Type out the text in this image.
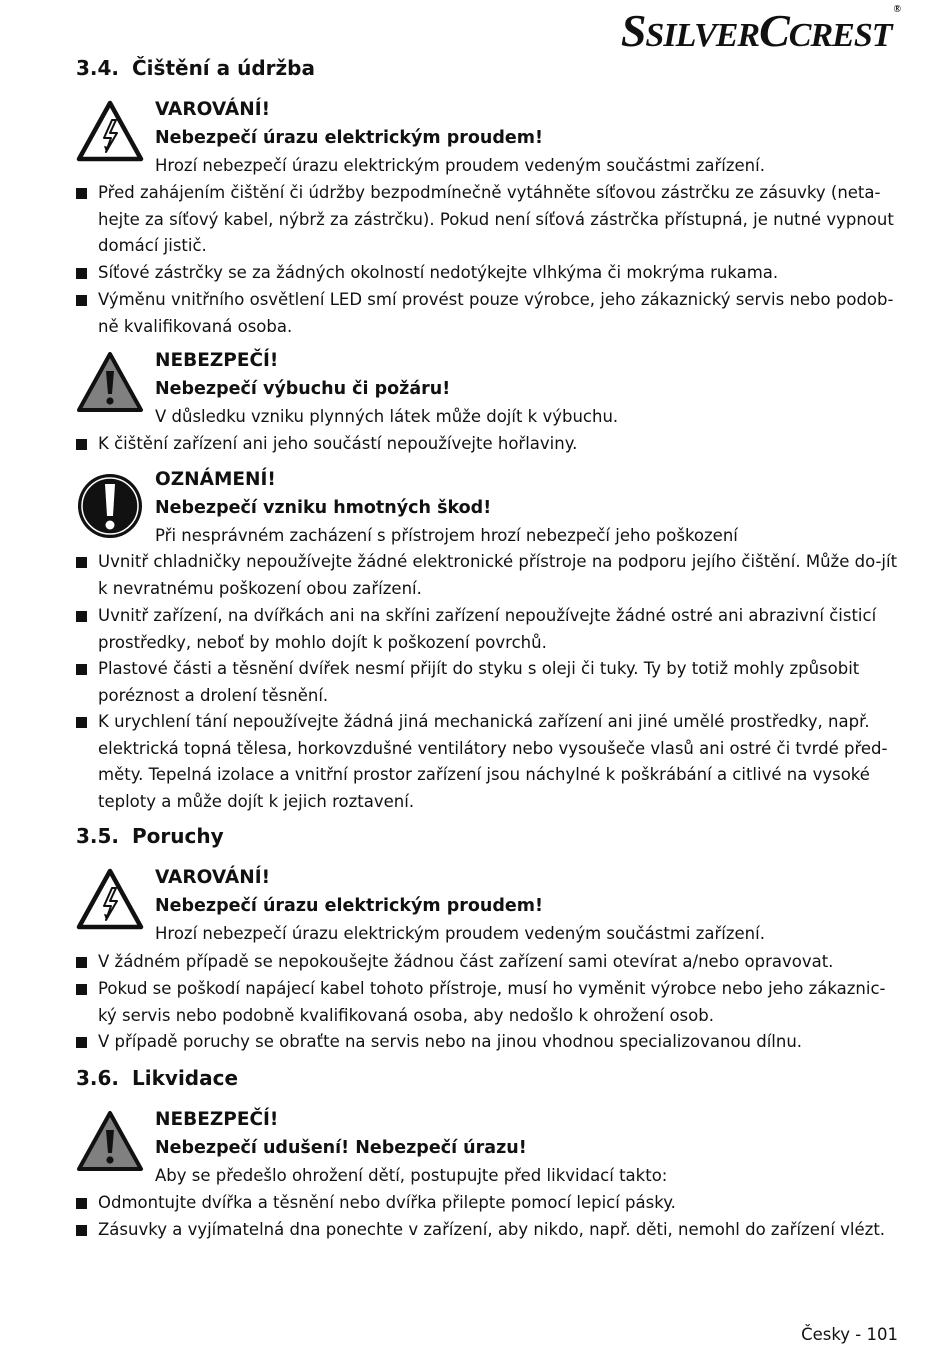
SSILVERCCREST®
3.4. Čištění a údržba
VAROVÁNÍ!
Nebezpečí úrazu elektrickým proudem!
Hrozí nebezpečí úrazu elektrickým proudem vedeným součástmi zařízení.
Před zahájením čištění či údržby bezpodmínečně vytáhněte síťovou zástrčku ze zásuvky (neta-hejte za síťový kabel, nýbrž za zástrčku). Pokud není síťová zástrčka přístupná, je nutné vypnout domácí jistič.
Síťové zástrčky se za žádných okolností nedotýkejte vlhkýma či mokrýma rukama.
Výměnu vnitřního osvětlení LED smí provést pouze výrobce, jeho zákaznický servis nebo podob-ně kvalifikovaná osoba.
NEBEZPEČÍ!
Nebezpečí výbuchu či požáru!
V důsledku vzniku plynných látek může dojít k výbuchu.
K čištění zařízení ani jeho součástí nepoužívejte hořlaviny.
OZNÁMENÍ!
Nebezpečí vzniku hmotných škod!
Při nesprávném zacházení s přístrojem hrozí nebezpečí jeho poškození
Uvnitř chladničky nepoužívejte žádné elektronické přístroje na podporu jejího čištění. Může do-jít k nevratnému poškození obou zařízení.
Uvnitř zařízení, na dvířkách ani na skříni zařízení nepoužívejte žádné ostré ani abrazivní čisticí prostředky, neboť by mohlo dojít k poškození povrchů.
Plastové části a těsnění dvířek nesmí přijít do styku s oleji či tuky. Ty by totiž mohly způsobit poréznost a drolení těsnění.
K urychlení tání nepoužívejte žádná jiná mechanická zařízení ani jiné umělé prostředky, např. elektrická topná tělesa, horkovzdušné ventilátory nebo vysoušeče vlasů ani ostré či tvrdé před-měty. Tepelná izolace a vnitřní prostor zařízení jsou náchylné k poškrábání a citlivé na vysoké teploty a může dojít k jejich roztavení.
3.5. Poruchy
VAROVÁNÍ!
Nebezpečí úrazu elektrickým proudem!
Hrozí nebezpečí úrazu elektrickým proudem vedeným součástmi zařízení.
V žádném případě se nepokoušejte žádnou část zařízení sami otevírat a/nebo opravovat.
Pokud se poškodí napájecí kabel tohoto přístroje, musí ho vyměnit výrobce nebo jeho zákaznic-ký servis nebo podobně kvalifikovaná osoba, aby nedošlo k ohrožení osob.
V případě poruchy se obraťte na servis nebo na jinou vhodnou specializovanou dílnu.
3.6. Likvidace
NEBEZPEČÍ!
Nebezpečí udušení! Nebezpečí úrazu!
Aby se předešlo ohrožení dětí, postupujte před likvidací takto:
Odmontujte dvířka a těsnění nebo dvířka přilepte pomocí lepicí pásky.
Zásuvky a vyjímatelná dna ponechte v zařízení, aby nikdo, např. děti, nemohl do zařízení vlézt.
Česky - 101
